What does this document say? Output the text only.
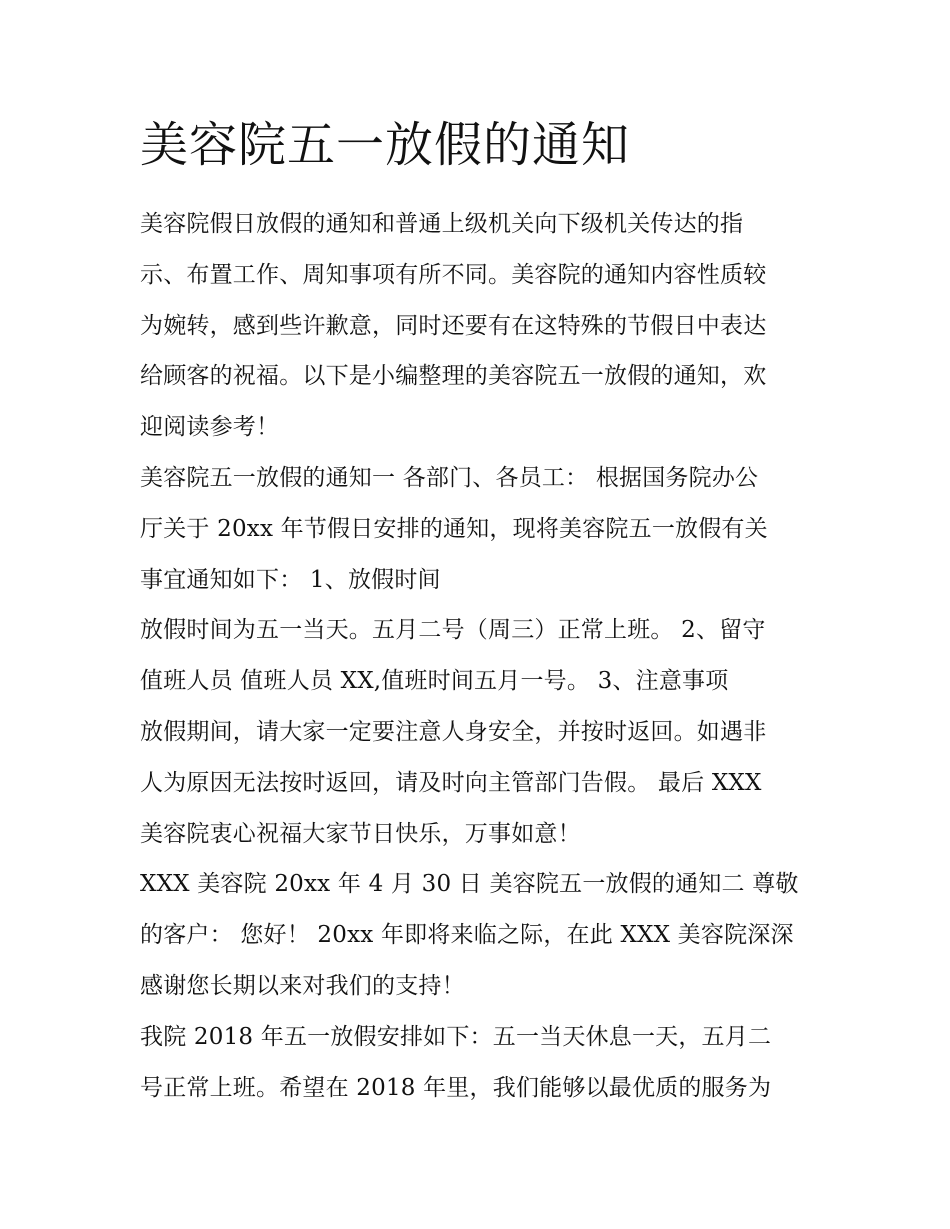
美容院五一放假的通知
美容院假日放假的通知和普通上级机关向下级机关传达的指
示、布置工作、周知事项有所不同。美容院的通知内容性质较
为婉转，感到些许歉意，同时还要有在这特殊的节假日中表达
给顾客的祝福。以下是小编整理的美容院五一放假的通知，欢
迎阅读参考！
美容院五一放假的通知一 各部门、各员工： 根据国务院办公
厅关于 20xx 年节假日安排的通知，现将美容院五一放假有关
事宜通知如下： 1、放假时间
放假时间为五一当天。五月二号（周三）正常上班。 2、留守
值班人员 值班人员 XX,值班时间五月一号。 3、注意事项
放假期间，请大家一定要注意人身安全，并按时返回。如遇非
人为原因无法按时返回，请及时向主管部门告假。 最后 XXX
美容院衷心祝福大家节日快乐，万事如意！
XXX 美容院 20xx 年 4 月 30 日 美容院五一放假的通知二 尊敬
的客户： 您好！ 20xx 年即将来临之际，在此 XXX 美容院深深
感谢您长期以来对我们的支持！
我院 2018 年五一放假安排如下：五一当天休息一天，五月二
号正常上班。希望在 2018 年里，我们能够以最优质的服务为
